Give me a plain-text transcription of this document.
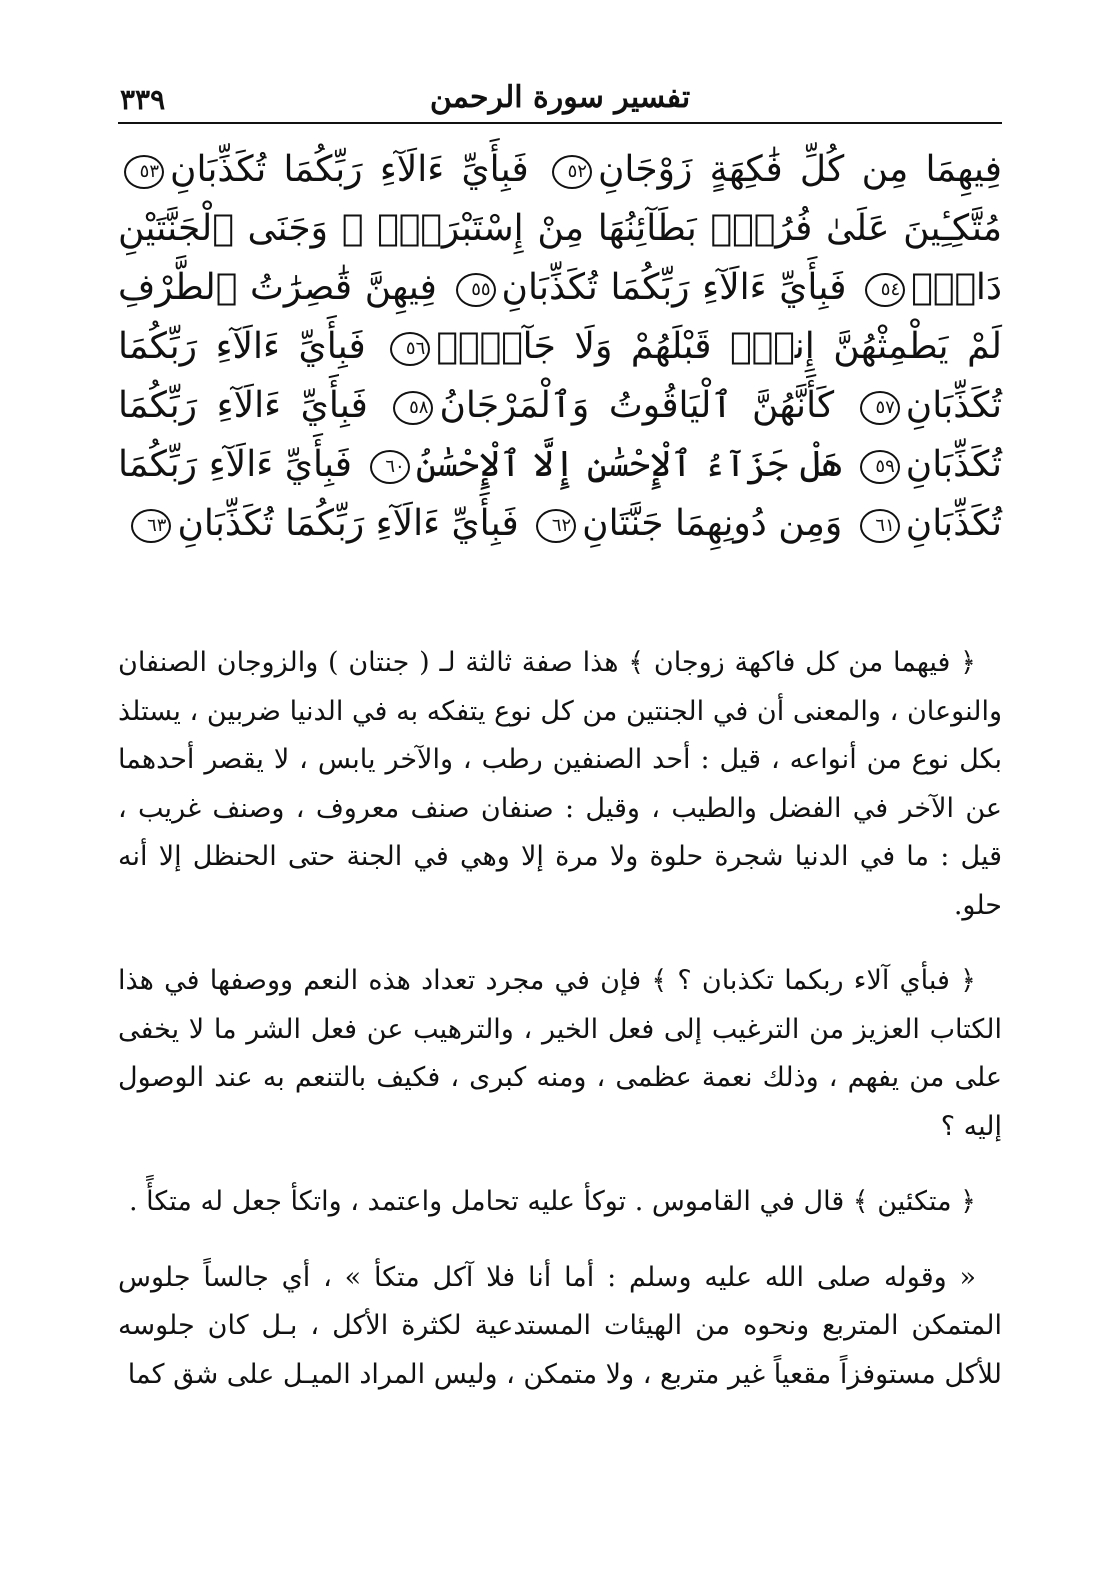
تفسير سورة الرحمن
٣٣٩
فِيهِمَا مِن كُلِّ فَٰكِهَةٍ زَوْجَانِ٥٢ فَبِأَيِّ ءَالَآءِ رَبِّكُمَا تُكَذِّبَانِ٥٣ مُتَّكِـِٔينَ عَلَىٰ فُرُشٍۢ بَطَآئِنُهَا مِنْ إِسْتَبْرَقٍۢ ۚ وَجَنَى ٱلْجَنَّتَيْنِ دَانٍۢ٥٤ فَبِأَيِّ ءَالَآءِ رَبِّكُمَا تُكَذِّبَانِ٥٥ فِيهِنَّ قَٰصِرَٰتُ ٱلطَّرْفِ لَمْ يَطْمِثْهُنَّ إِنسٌۭ قَبْلَهُمْ وَلَا جَآنٌّۭ٥٦ فَبِأَيِّ ءَالَآءِ رَبِّكُمَا تُكَذِّبَانِ٥٧ كَأَنَّهُنَّ ٱلْيَاقُوتُ وَٱلْمَرْجَانُ٥٨ فَبِأَيِّ ءَالَآءِ رَبِّكُمَا تُكَذِّبَانِ٥٩ هَلْ جَزَآءُ ٱلْإِحْسَٰنِ إِلَّا ٱلْإِحْسَٰنُ٦٠ فَبِأَيِّ ءَالَآءِ رَبِّكُمَا تُكَذِّبَانِ٦١ وَمِن دُونِهِمَا جَنَّتَانِ٦٢ فَبِأَيِّ ءَالَآءِ رَبِّكُمَا تُكَذِّبَانِ٦٣

﴿ فيهما من كل فاكهة زوجان ﴾ هذا صفة ثالثة لـ ( جنتان ) والزوجان الصنفان والنوعان ، والمعنى أن في الجنتين من كل نوع يتفكه به في الدنيا ضربين ، يستلذ بكل نوع من أنواعه ، قيل : أحد الصنفين رطب ، والآخر يابس ، لا يقصر أحدهما عن الآخر في الفضل والطيب ، وقيل : صنفان صنف معروف ، وصنف غريب ، قيل : ما في الدنيا شجرة حلوة ولا مرة إلا وهي في الجنة حتى الحنظل إلا أنه حلو.

﴿ فبأي آلاء ربكما تكذبان ؟ ﴾ فإن في مجرد تعداد هذه النعم ووصفها في هذا الكتاب العزيز من الترغيب إلى فعل الخير ، والترهيب عن فعل الشر ما لا يخفى على من يفهم ، وذلك نعمة عظمى ، ومنه كبرى ، فكيف بالتنعم به عند الوصول إليه ؟

﴿ متكئين ﴾ قال في القاموس . توكأ عليه تحامل واعتمد ، واتكأ جعل له متكأً .

« وقوله صلى الله عليه وسلم : أما أنا فلا آكل متكأ » ، أي جالساً جلوس المتمكن المتربع ونحوه من الهيئات المستدعية لكثرة الأكل ، بـل كان جلوسه للأكل مستوفزاً مقعياً غير متربع ، ولا متمكن ، وليس المراد الميـل على شق كما
